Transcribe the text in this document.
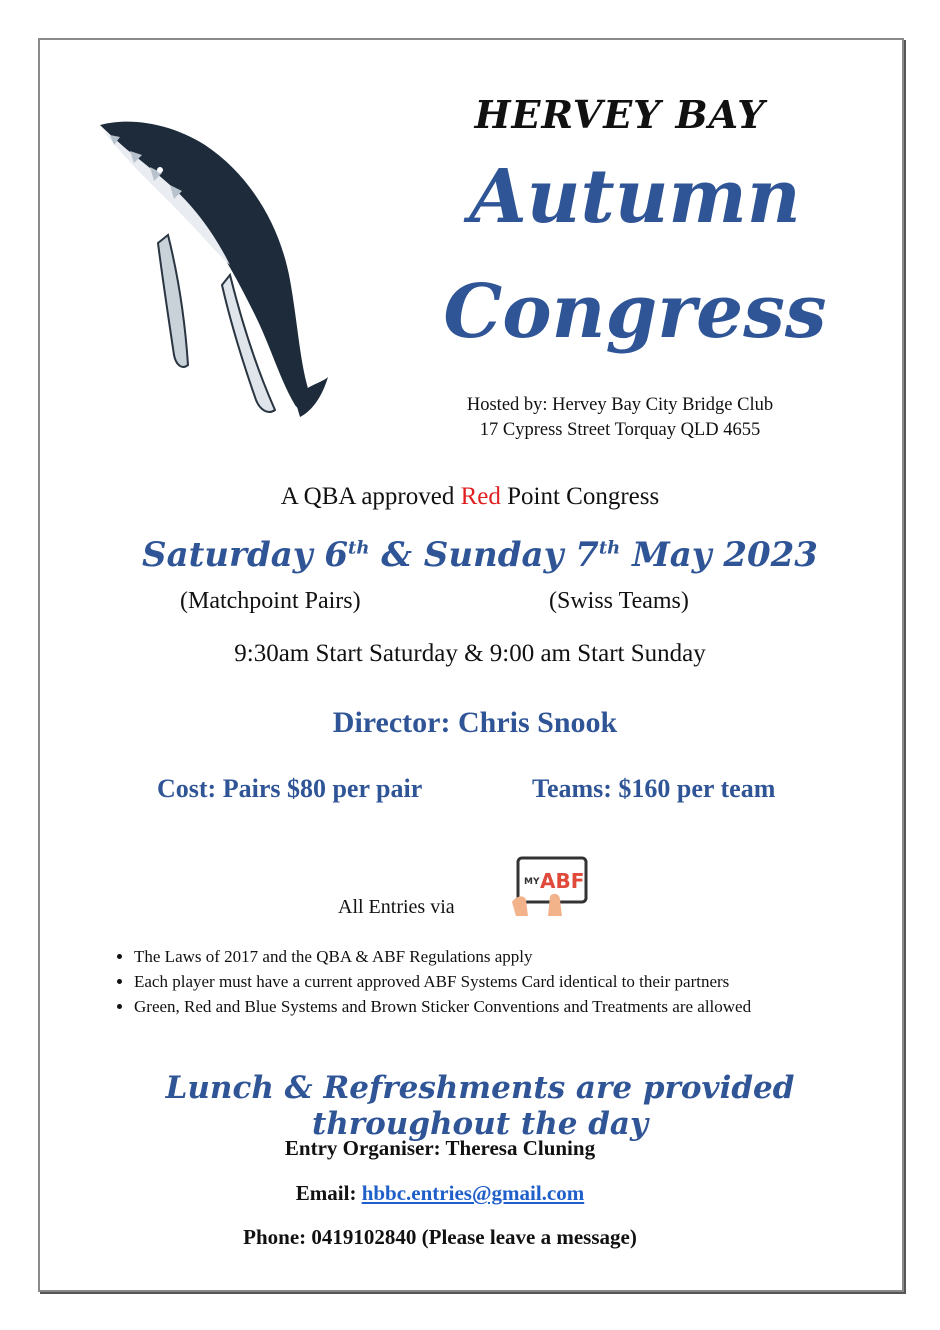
HERVEY BAY
Autumn
Congress
Hosted by: Hervey Bay City Bridge Club
17 Cypress Street Torquay QLD 4655
A QBA approved Red Point Congress
Saturday 6th & Sunday 7th May 2023
(Matchpoint Pairs)	(Swiss Teams)
9:30am Start Saturday & 9:00 am Start Sunday
Director: Chris Snook
Cost: Pairs $80 per pair	Teams: $160 per team
All Entries via
MY ABF
• The Laws of 2017 and the QBA & ABF Regulations apply
• Each player must have a current approved ABF Systems Card identical to their partners
• Green, Red and Blue Systems and Brown Sticker Conventions and Treatments are allowed
Lunch & Refreshments are provided throughout the day
Entry Organiser: Theresa Cluning
Email: hbbc.entries@gmail.com
Phone: 0419102840 (Please leave a message)
